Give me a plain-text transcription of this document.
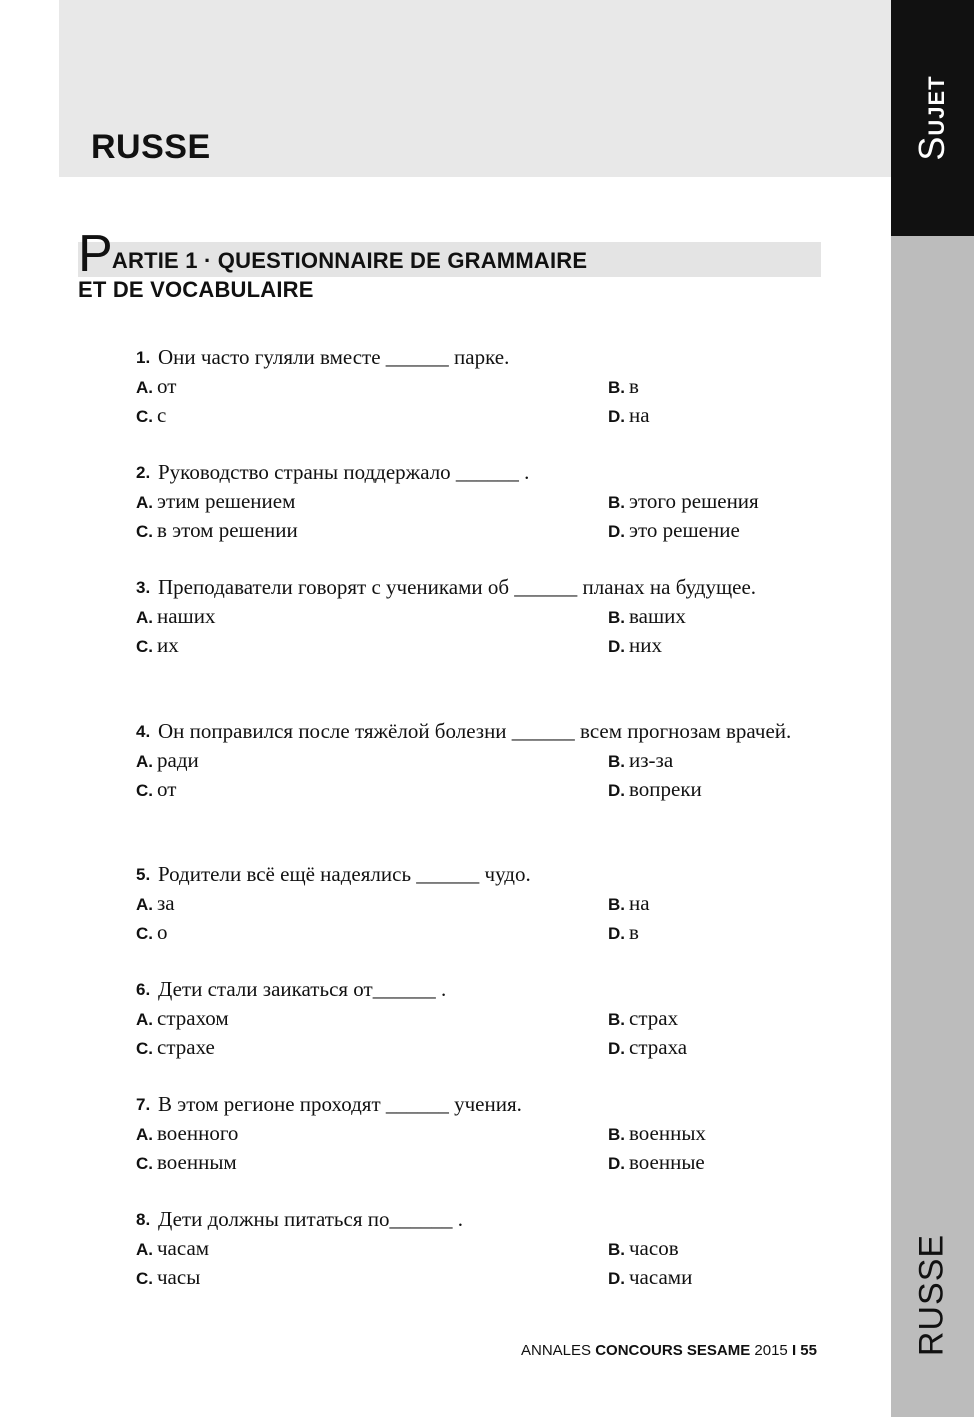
RUSSE	SUJET
RUSSE
PARTIE 1 · QUESTIONNAIRE DE GRAMMAIRE
ET DE VOCABULAIRE
1. Они часто гуляли вместе ______ парке.
A. от	B. в
C. с	D. на
2. Руководство страны поддержало ______ .
A. этим решением	B. этого решения
C. в этом решении	D. это решение
3. Преподаватели говорят с учениками об ______ планах на будущее.
A. наших	B. ваших
C. их	D. них
4. Он поправился после тяжёлой болезни ______ всем прогнозам врачей.
A. ради	B. из-за
C. от	D. вопреки
5. Родители всё ещё надеялись ______ чудо.
A. за	B. на
C. о	D. в
6. Дети стали заикаться от______ .
A. страхом	B. страх
C. страхе	D. страха
7. В этом регионе проходят ______ учения.
A. военного	B. военных
C. военным	D. военные
8. Дети должны питаться по______ .
A. часам	B. часов
C. часы	D. часами
ANNALES CONCOURS SESAME 2015 I 55
